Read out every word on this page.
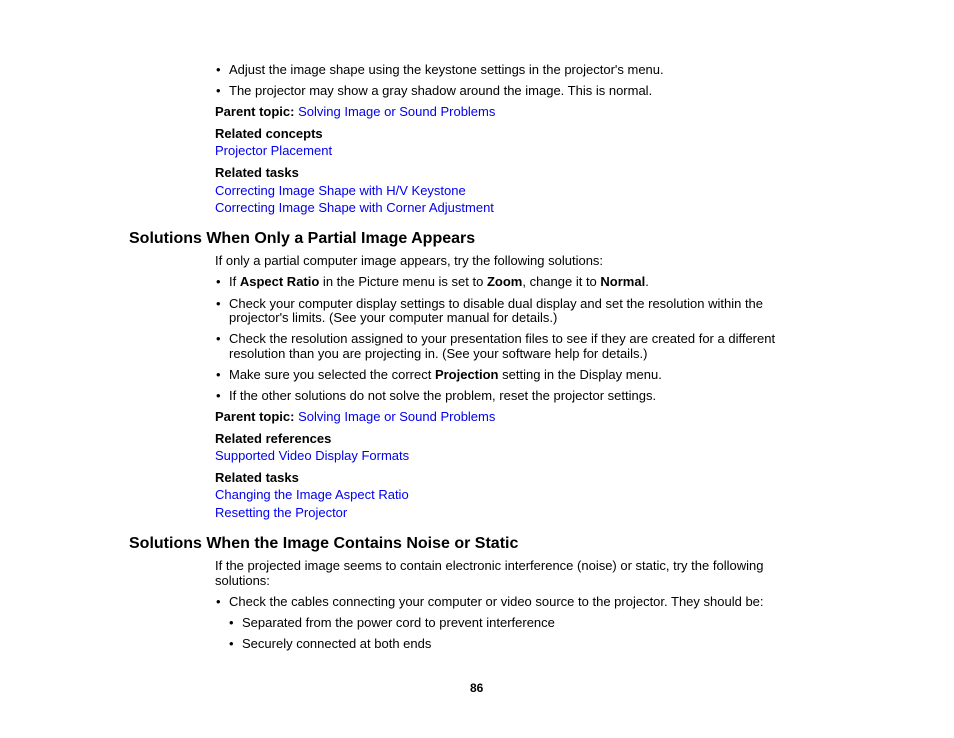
• Adjust the image shape using the keystone settings in the projector's menu.
• The projector may show a gray shadow around the image. This is normal.
Parent topic: Solving Image or Sound Problems
Related concepts
Projector Placement
Related tasks
Correcting Image Shape with H/V Keystone
Correcting Image Shape with Corner Adjustment
Solutions When Only a Partial Image Appears
If only a partial computer image appears, try the following solutions:
• If Aspect Ratio in the Picture menu is set to Zoom, change it to Normal.
• Check your computer display settings to disable dual display and set the resolution within the
projector's limits. (See your computer manual for details.)
• Check the resolution assigned to your presentation files to see if they are created for a different
resolution than you are projecting in. (See your software help for details.)
• Make sure you selected the correct Projection setting in the Display menu.
• If the other solutions do not solve the problem, reset the projector settings.
Parent topic: Solving Image or Sound Problems
Related references
Supported Video Display Formats
Related tasks
Changing the Image Aspect Ratio
Resetting the Projector
Solutions When the Image Contains Noise or Static
If the projected image seems to contain electronic interference (noise) or static, try the following
solutions:
• Check the cables connecting your computer or video source to the projector. They should be:
• Separated from the power cord to prevent interference
• Securely connected at both ends
86
